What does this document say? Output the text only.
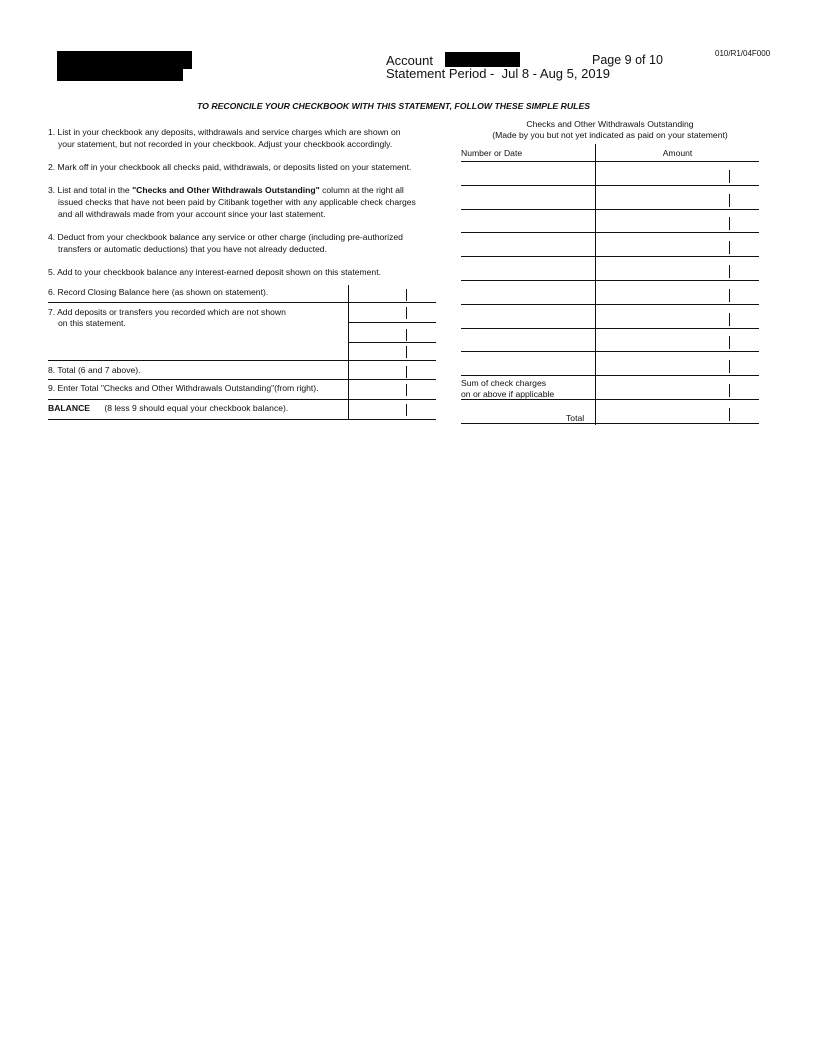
Account	Page 9 of 10	010/R1/04F000
Statement Period -  Jul 8 - Aug 5, 2019
TO RECONCILE YOUR CHECKBOOK WITH THIS STATEMENT, FOLLOW THESE SIMPLE RULES
1. List in your checkbook any deposits, withdrawals and service charges which are shown on
your statement, but not recorded in your checkbook. Adjust your checkbook accordingly.
2. Mark off in your checkbook all checks paid, withdrawals, or deposits listed on your statement.
3. List and total in the "Checks and Other Withdrawals Outstanding" column at the right all
issued checks that have not been paid by Citibank together with any applicable check charges
and all withdrawals made from your account since your last statement.
4. Deduct from your checkbook balance any service or other charge (including pre-authorized
transfers or automatic deductions) that you have not already deducted.
5. Add to your checkbook balance any interest-earned deposit shown on this statement.
6. Record Closing Balance here (as shown on statement).
7. Add deposits or transfers you recorded which are not shown
on this statement.
8. Total (6 and 7 above).
9. Enter Total "Checks and Other Withdrawals Outstanding"(from right).
BALANCE (8 less 9 should equal your checkbook balance).
Checks and Other Withdrawals Outstanding
(Made by you but not yet indicated as paid on your statement)
Number or Date	Amount
Sum of check charges
on or above if applicable
Total
